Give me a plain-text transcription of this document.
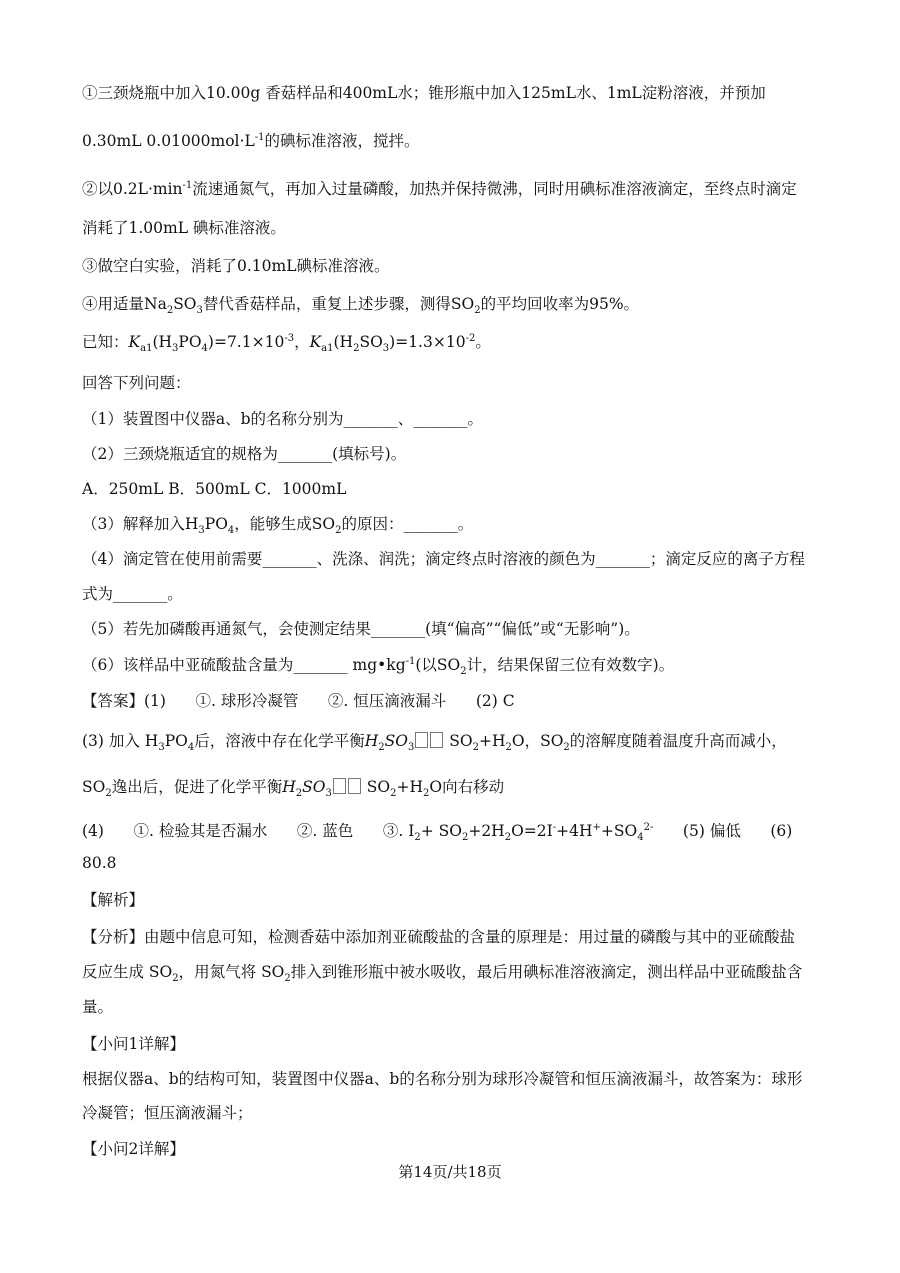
①三颈烧瓶中加入10.00g 香菇样品和400mL水；锥形瓶中加入125mL水、1mL淀粉溶液，并预加
0.30mL $0.01000mol\cdot L^{-1}$的碘标准溶液，搅拌。
②以$0.2L\cdot\min^{-1}$流速通氮气，再加入过量磷酸，加热并保持微沸，同时用碘标准溶液滴定，至终点时滴定
消耗了1.00mL 碘标准溶液。
③做空白实验，消耗了0.10mL碘标准溶液。
④用适量$Na_2SO_3$替代香菇样品，重复上述步骤，测得$SO_2$的平均回收率为95%。
已知：$K_{a1}(H_3PO_4)=7.1\times 10^{-3}$，$K_{a1}(H_2SO_3)=1.3\times 10^{-2}$。
回答下列问题：
（1）装置图中仪器a、b的名称分别为_______、_______。
（2）三颈烧瓶适宜的规格为_______(填标号)。
A．250mL B．500mL C．1000mL
（3）解释加入$H_3PO_4$，能够生成$SO_2$的原因：_______。
（4）滴定管在使用前需要_______、洗涤、润洗；滴定终点时溶液的颜色为_______；滴定反应的离子方程
式为_______。
（5）若先加磷酸再通氮气，会使测定结果_______(填“偏高”“偏低”或“无影响”)。
（6）该样品中亚硫酸盐含量为_______ $mg•kg^{-1}$(以$SO_2$计，结果保留三位有效数字)。
【答案】(1)      ①. 球形冷凝管      ②. 恒压滴液漏斗      (2) C
(3) 加入 $H_3PO_4$后，溶液中存在化学平衡$H_2SO_3$ $SO_2+H_2O$，$SO_2$的溶解度随着温度升高而减小，
$SO_2$逸出后，促进了化学平衡$H_2SO_3$ $SO_2+H_2O$向右移动
(4)      ①. 检验其是否漏水      ②. 蓝色      ③. $I_2+ SO_2+2H_2O=2I^-+4H^++SO_4^{2-}$      (5) 偏低      (6)
80.8
【解析】
【分析】由题中信息可知，检测香菇中添加剂亚硫酸盐的含量的原理是：用过量的磷酸与其中的亚硫酸盐
反应生成 $SO_2$，用氮气将 $SO_2$排入到锥形瓶中被水吸收，最后用碘标准溶液滴定，测出样品中亚硫酸盐含
量。
【小问1详解】
根据仪器a、b的结构可知，装置图中仪器a、b的名称分别为球形冷凝管和恒压滴液漏斗，故答案为：球形
冷凝管；恒压滴液漏斗；
【小问2详解】
第14页/共18页
